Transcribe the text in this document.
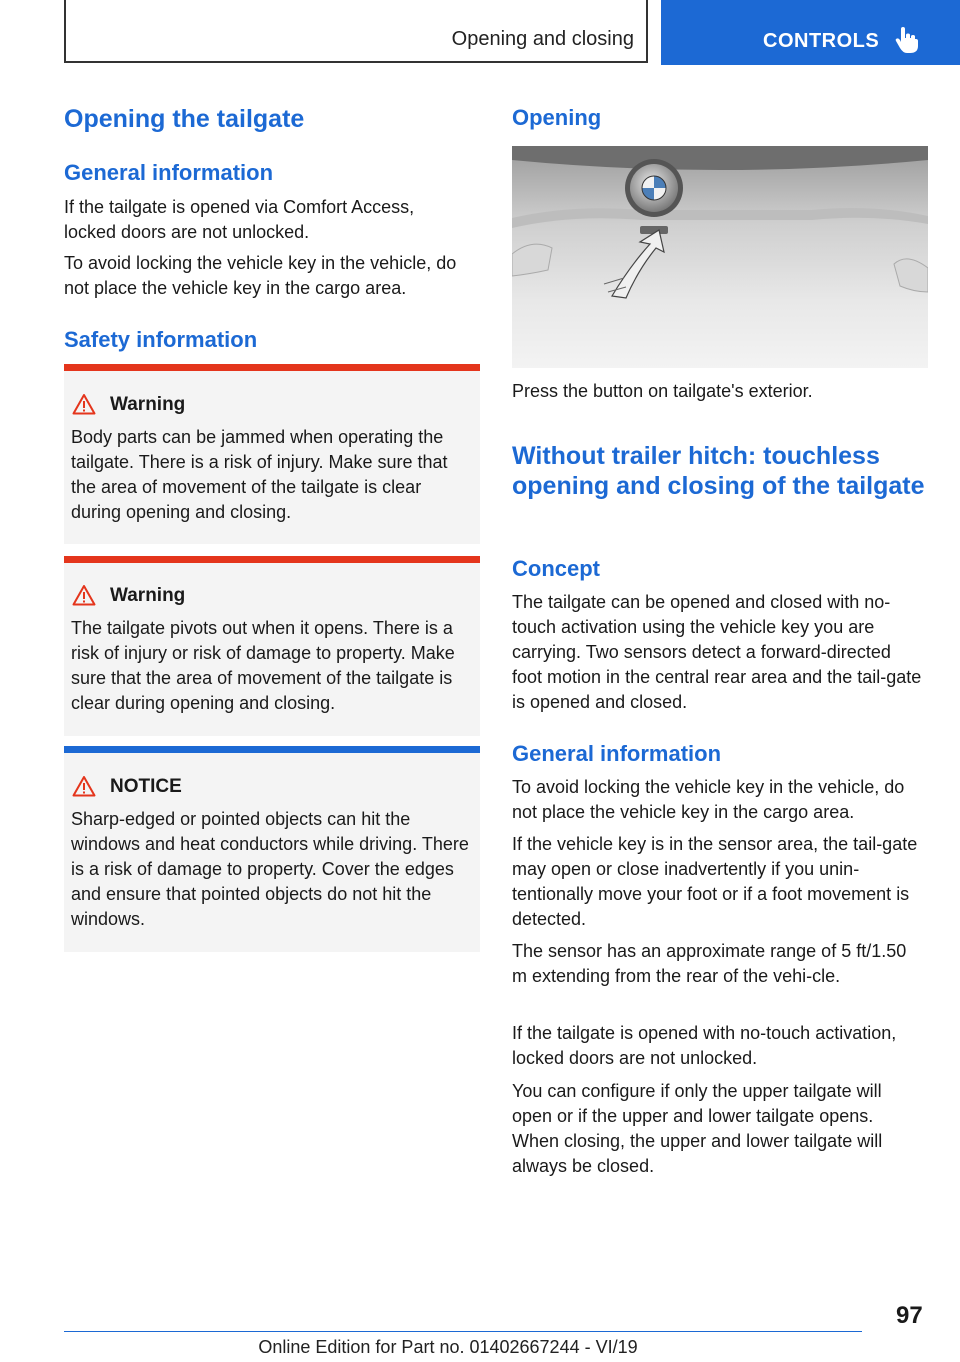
Opening and closing	CONTROLS
Opening the tailgate
General information

If the tailgate is opened via Comfort Access, locked doors are not unlocked.

To avoid locking the vehicle key in the vehicle, do not place the vehicle key in the cargo area.

Safety information
Warning

Body parts can be jammed when operating the tailgate. There is a risk of injury. Make sure that the area of movement of the tailgate is clear during opening and closing.

Warning

The tailgate pivots out when it opens. There is a risk of injury or risk of damage to property. Make sure that the area of movement of the tailgate is clear during opening and closing.

NOTICE

Sharp-edged or pointed objects can hit the windows and heat conductors while driving. There is a risk of damage to property. Cover the edges and ensure that pointed objects do not hit the windows.

Opening

Press the button on tailgate's exterior.

Without trailer hitch: touchless opening and closing of the tailgate
Concept

The tailgate can be opened and closed with no-touch activation using the vehicle key you are carrying. Two sensors detect a forward-directed foot motion in the central rear area and the tail-gate is opened and closed.

General information

To avoid locking the vehicle key in the vehicle, do not place the vehicle key in the cargo area.

If the vehicle key is in the sensor area, the tail-gate may open or close inadvertently if you unin-tentionally move your foot or if a foot movement is detected.

The sensor has an approximate range of 5 ft/1.50 m extending from the rear of the vehi-cle.

If the tailgate is opened with no-touch activation, locked doors are not unlocked.

You can configure if only the upper tailgate will open or if the upper and lower tailgate opens. When closing, the upper and lower tailgate will always be closed.

97
Online Edition for Part no. 01402667244 - VI/19
